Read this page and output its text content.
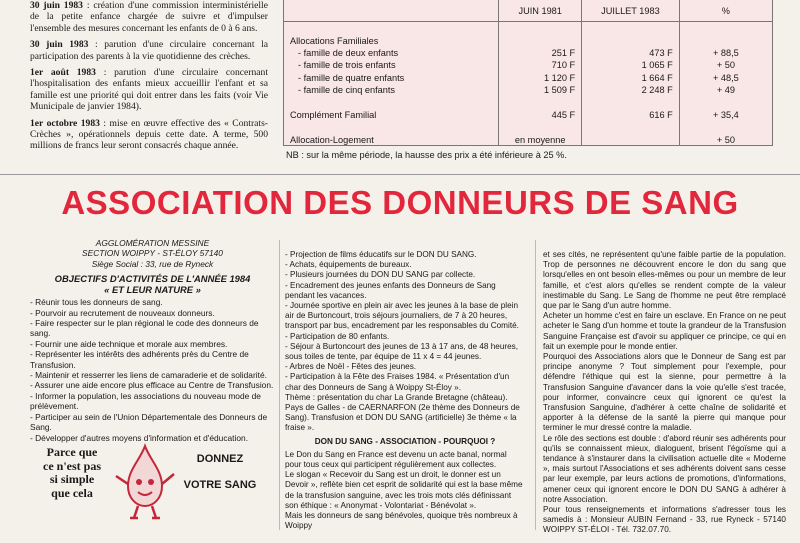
30 juin 1983 : création d'une commission interministérielle de la petite enfance chargée de suivre et d'impulser l'ensemble des mesures concernant les enfants de 0 à 6 ans.

30 juin 1983 : parution d'une circulaire concernant la participation des parents à la vie quotidienne des crèches.

1er août 1983 : parution d'une circulaire concernant l'hospitalisation des enfants mieux accueillir l'enfant et sa famille est une priorité qui doit entrer dans les faits (voir Vie Municipale de janvier 1984).

1er octobre 1983 : mise en œuvre effective des « Contrats-Crèches », opérationnels depuis cette date. A terme, 500 millions de francs leur seront consacrés chaque année.

	JUIN 1981	JUILLET 1983	%

Allocations Familiales			
- famille de deux enfants	251 F	473 F	+ 88,5
- famille de trois enfants	710 F	1 065 F	+ 50
- famille de quatre enfants	1 120 F	1 664 F	+ 48,5
- famille de cinq enfants	1 509 F	2 248 F	+ 49

Complément Familial	445 F	616 F	+ 35,4

Allocation-Logement	en moyenne		+ 50
NB : sur la même période, la hausse des prix a été inférieure à 25 %.
ASSOCIATION DES DONNEURS DE SANG
AGGLOMÉRATION MESSINE
SECTION WOIPPY - ST-ÉLOY 57140
Siège Social : 33, rue de Ryneck
OBJECTIFS D'ACTIVITÉS DE L'ANNÉE 1984
« ET LEUR NATURE »
- Réunir tous les donneurs de sang.
- Pourvoir au recrutement de nouveaux donneurs.
- Faire respecter sur le plan régional le code des donneurs de sang.
- Fournir une aide technique et morale aux membres.
- Représenter les intérêts des adhérents près du Centre de Transfusion.
- Maintenir et resserrer les liens de camaraderie et de solidarité.
- Assurer une aide encore plus efficace au Centre de Transfusion.
- Informer la population, les associations du nouveau mode de prélèvement.
- Participer au sein de l'Union Départementale des Donneurs de Sang.
- Développer d'autres moyens d'information et d'éducation.
Parce que
ce n'est pas
si simple
que cela
DONNEZ
VOTRE SANG
- Projection de films éducatifs sur le DON DU SANG.
- Achats, équipements de bureaux.
- Plusieurs journées du DON DU SANG par collecte.
- Encadrement des jeunes enfants des Donneurs de Sang pendant les vacances.
- Journée sportive en plein air avec les jeunes à la base de plein air de Burtoncourt, trois séjours journaliers, de 7 à 20 heures, transport par bus, encadrement par les responsables du Comité.
- Participation de 80 enfants.
- Séjour à Burtoncourt des jeunes de 13 à 17 ans, de 48 heures, sous toiles de tente, par équipe de 11 x 4 = 44 jeunes.
- Arbres de Noël - Fêtes des jeunes.
- Participation à la Fête des Fraises 1984. « Présentation d'un char des Donneurs de Sang à Woippy St-Éloy ».
Thème : présentation du char La Grande Bretagne (château).
Pays de Galles - de CAERNARFON (2e thème des Donneurs de Sang). Transfusion et DON DU SANG (artificielle) 3e thème « la fraise ».
DON DU SANG - ASSOCIATION - POURQUOI ?

Le Don du Sang en France est devenu un acte banal, normal pour tous ceux qui participent régulièrement aux collectes.

Le slogan « Recevoir du Sang est un droit, le donner est un Devoir », reflète bien cet esprit de solidarité qui est la base même de la transfusion sanguine, avec les trois mots clés définissant son éthique : « Anonymat - Volontariat - Bénévolat ».

Mais les donneurs de sang bénévoles, quoique très nombreux à Woippy

et ses cités, ne représentent qu'une faible partie de la population. Trop de personnes ne découvrent encore le don du sang que lorsqu'elles en ont besoin elles-mêmes ou pour un membre de leur famille, et c'est alors qu'elles se rendent compte de la valeur inestimable du Sang. Le Sang de l'homme ne peut être remplacé que par le Sang d'un autre homme.

Acheter un homme c'est en faire un esclave. En France on ne peut acheter le Sang d'un homme et toute la grandeur de la Transfusion Sanguine Française est d'avoir su appliquer ce principe, ce qui en fait un exemple pour le monde entier.

Pourquoi des Associations alors que le Donneur de Sang est par principe anonyme ? Tout simplement pour l'exemple, pour défendre l'éthique qui est la sienne, pour permettre à la Transfusion Sanguine d'avancer dans la voie qu'elle s'est tracée, pour informer, convaincre ceux qui ignorent ce qu'est la Transfusion Sanguine, d'adhérer à cette chaîne de solidarité et apporter à la défense de la santé la pierre qui manque pour terminer le mur dressé contre la maladie.

Le rôle des sections est double : d'abord réunir ses adhérents pour qu'ils se connaissent mieux, dialoguent, brisent l'égoïsme qui a tendance à s'instaurer dans la civilisation actuelle dite « Moderne », mais surtout l'Associations et ses adhérents doivent sans cesse par leur exemple, par leurs actions de promotions, d'informations, amener ceux qui ignorent encore le DON DU SANG à adhérer à notre Association.

Pour tous renseignements et informations s'adresser tous les samedis à : Monsieur AUBIN Fernand - 33, rue Ryneck - 57140 WOIPPY ST-ÉLOI - Tél. 732.07.70.
